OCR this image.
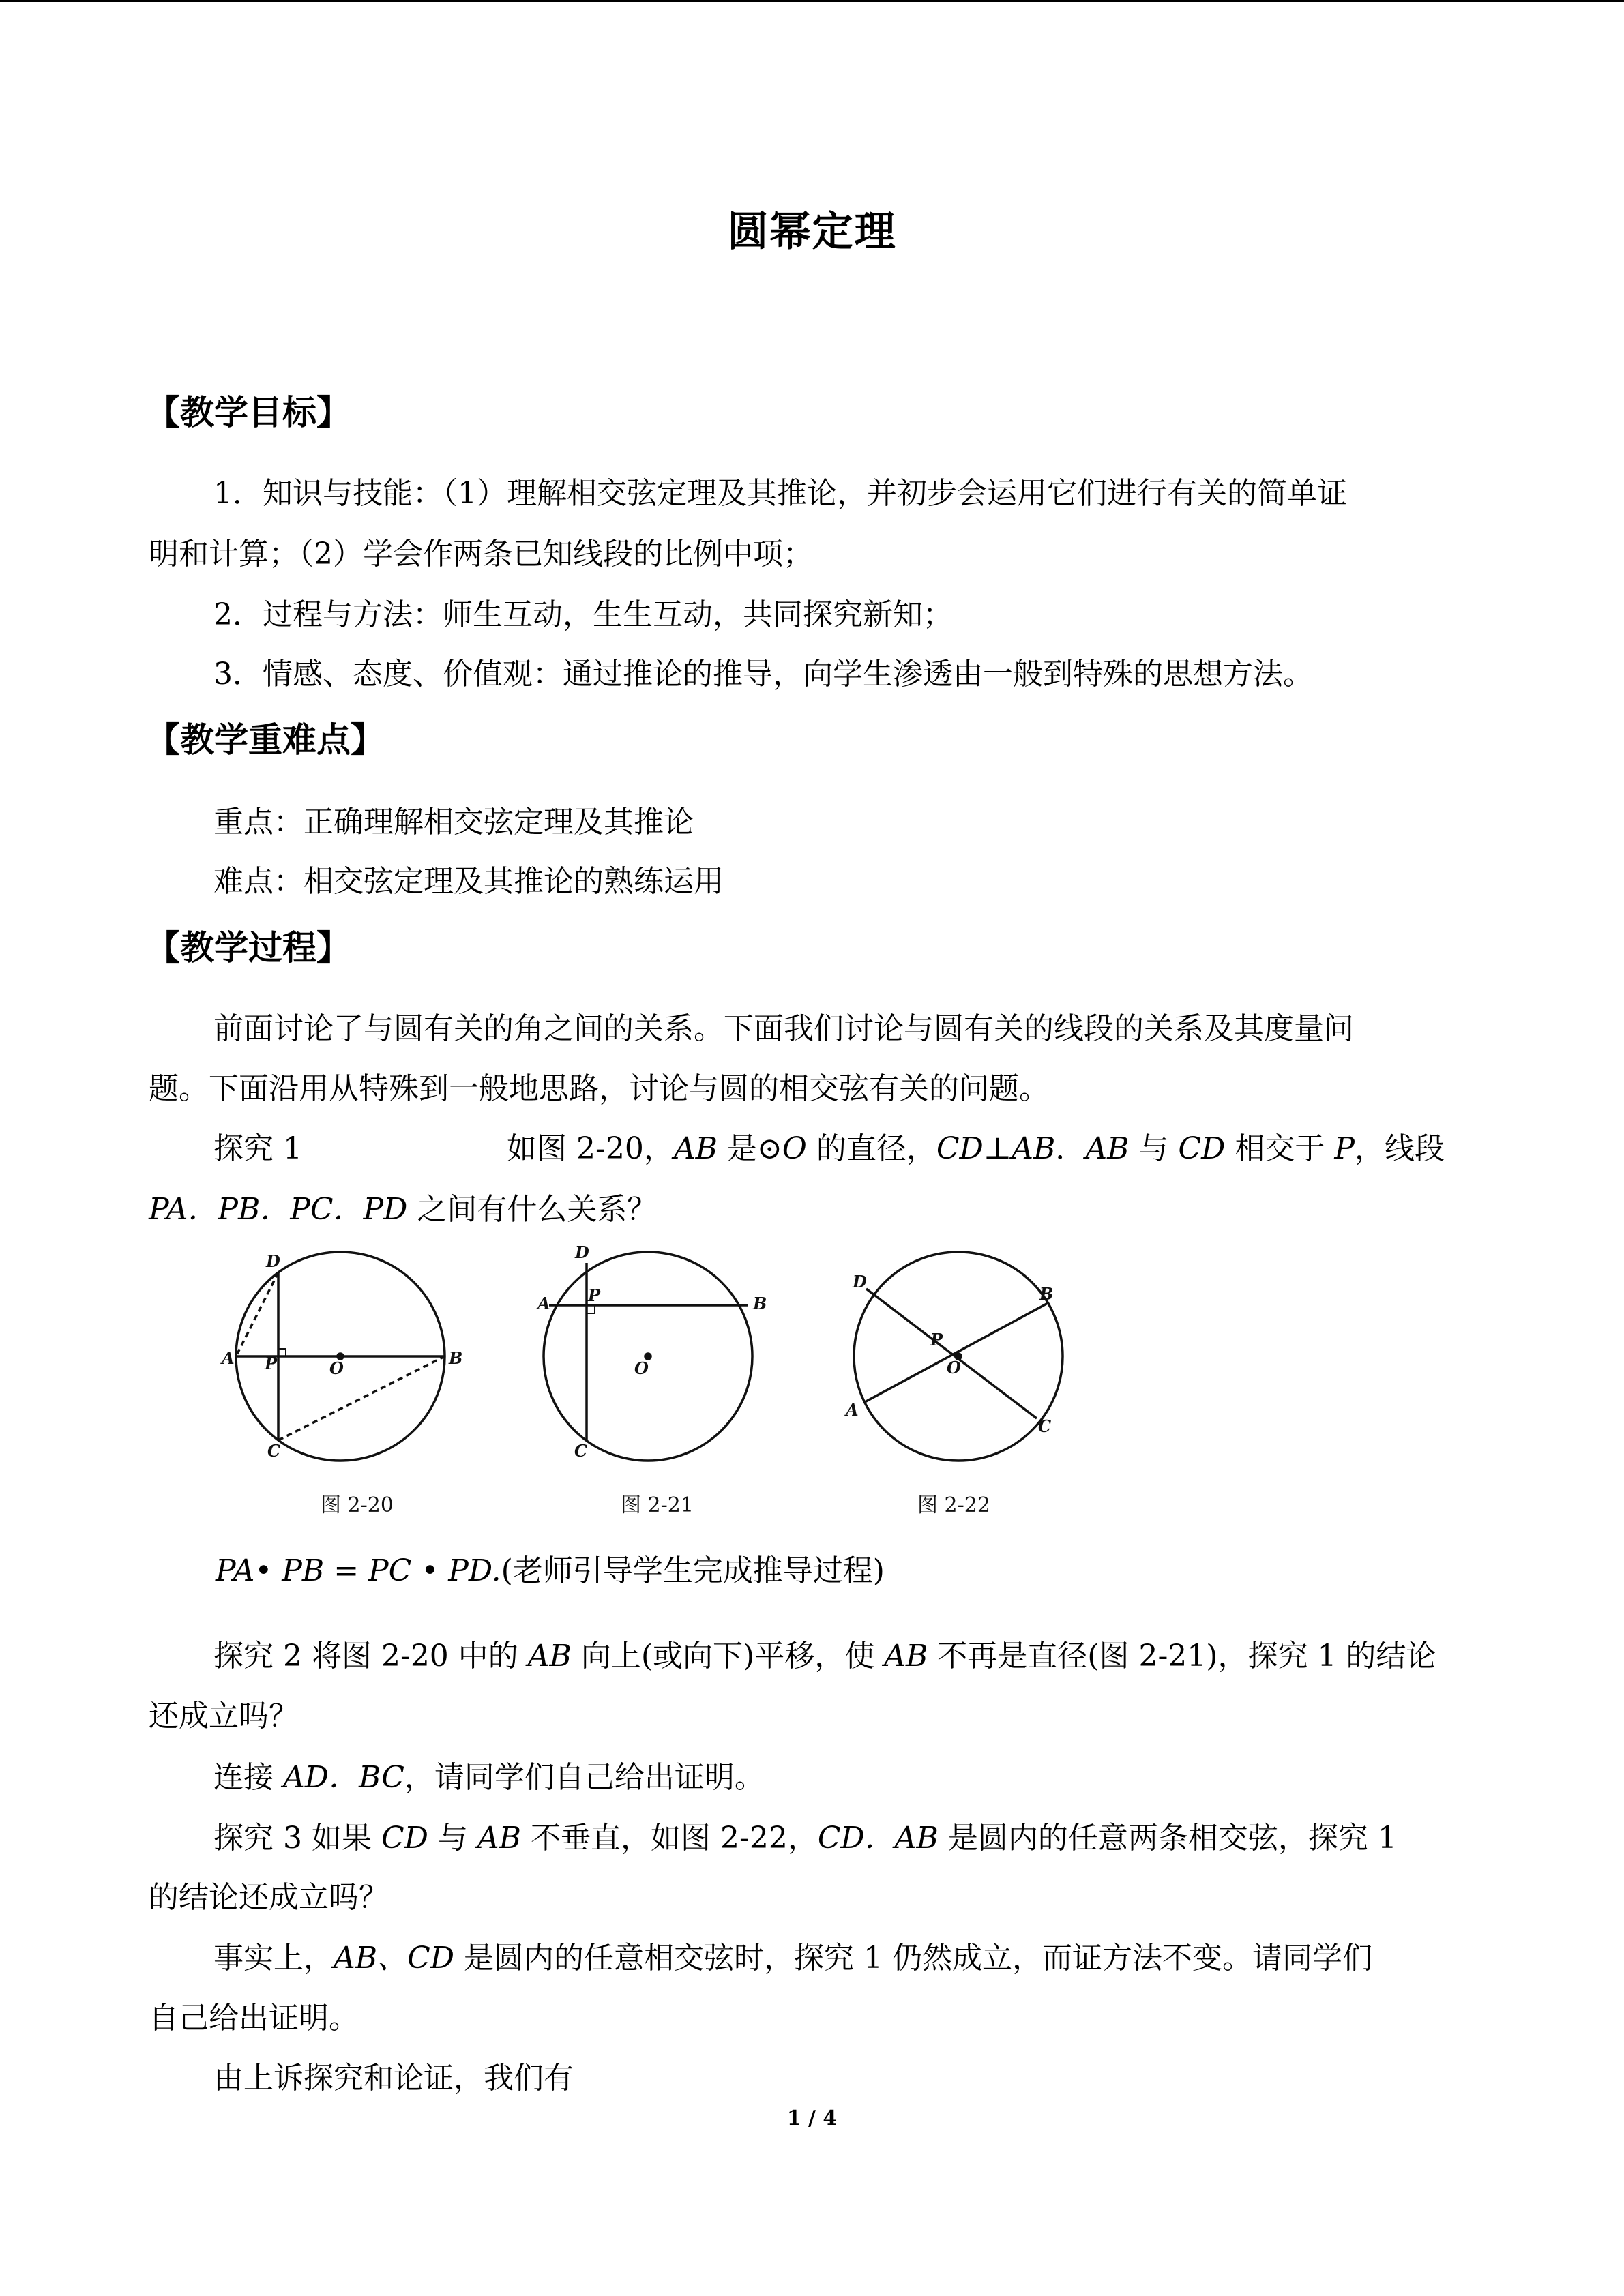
圆幂定理
【教学目标】
1．知识与技能：（1）理解相交弦定理及其推论，并初步会运用它们进行有关的简单证
明和计算；（2）学会作两条已知线段的比例中项；
2．过程与方法：师生互动，生生互动，共同探究新知；
3．情感、态度、价值观：通过推论的推导，向学生渗透由一般到特殊的思想方法。
【教学重难点】
重点：正确理解相交弦定理及其推论
难点：相交弦定理及其推论的熟练运用
【教学过程】
前面讨论了与圆有关的角之间的关系。下面我们讨论与圆有关的线段的关系及其度量问
题。下面沿用从特殊到一般地思路，讨论与圆的相交弦有关的问题。
探究 1	如图 2-20，AB 是⊙O 的直径，CD⊥AB．AB 与 CD 相交于 P，线段
PA．PB．PC．PD 之间有什么关系？
D
A P	O
B
C
D
A P
O
B
C
D
B
P
O
A
C
图 2-20	图 2-21	图 2-22
PA• PB = PC • PD.(老师引导学生完成推导过程)
探究 2 将图 2-20 中的 AB 向上(或向下)平移，使 AB 不再是直径(图 2-21)，探究 1 的结论
还成立吗？
连接 AD．BC，请同学们自己给出证明。
探究 3 如果 CD 与 AB 不垂直，如图 2-22，CD．AB 是圆内的任意两条相交弦，探究 1
的结论还成立吗？
事实上，AB、CD 是圆内的任意相交弦时，探究 1 仍然成立，而证方法不变。请同学们
自己给出证明。
由上诉探究和论证，我们有
1 / 4
